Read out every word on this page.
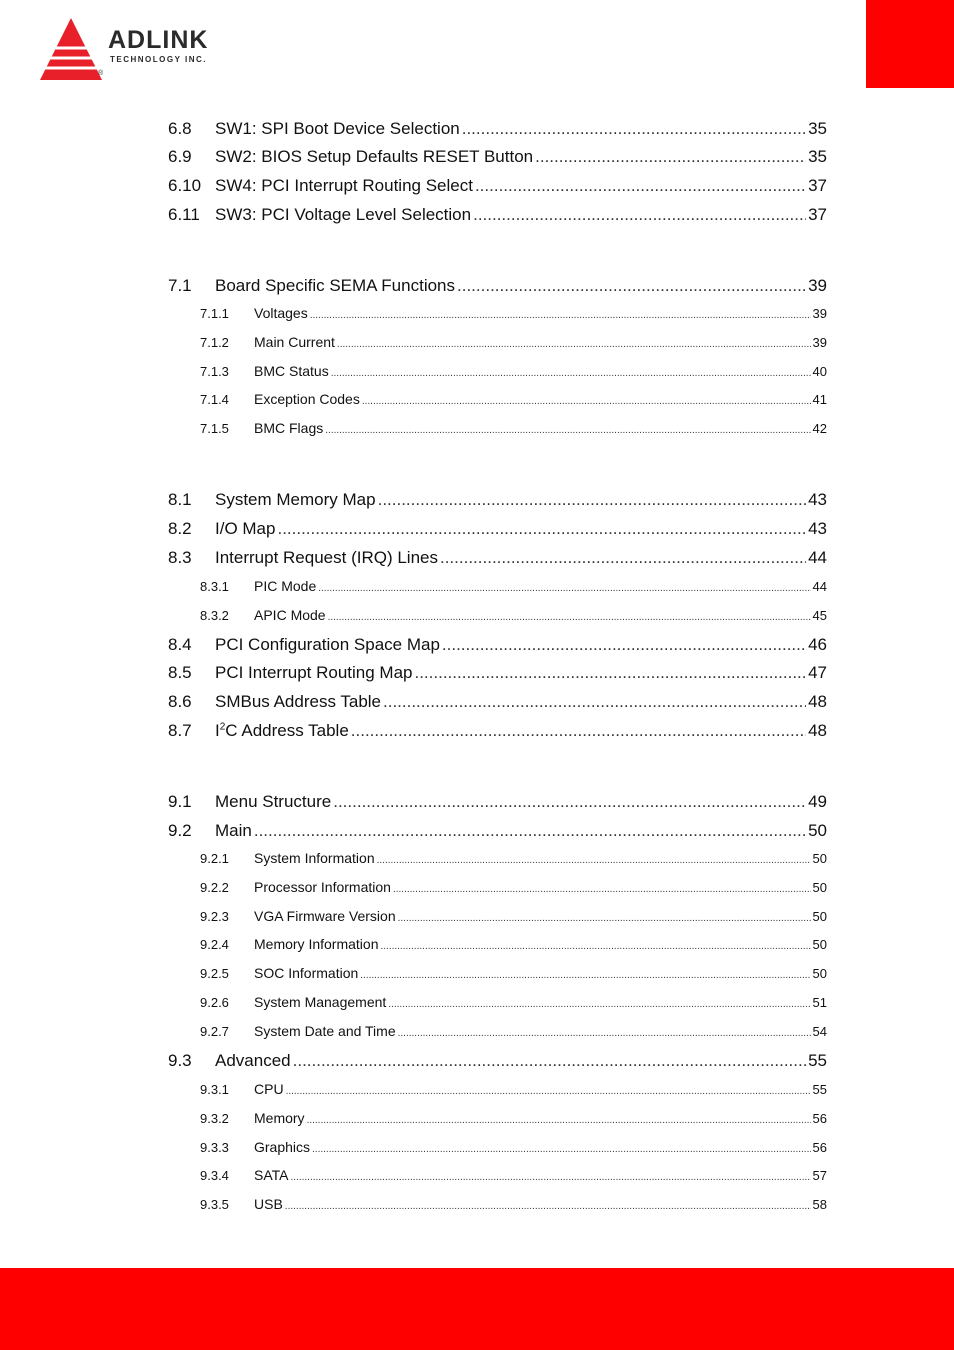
®
ADLINK
TECHNOLOGY INC.
6.8	SW1: SPI Boot Device Selection .....	35
6.9	SW2: BIOS Setup Defaults RESET Button .....	35
6.10 SW4: PCI Interrupt Routing Select .....	37
6.11 SW3: PCI Voltage Level Selection .....	37
7.1	Board Specific SEMA Functions .....	39
7.1.1	Voltages .....	39
7.1.2	Main Current .....	39
7.1.3	BMC Status .....	40
7.1.4	Exception Codes .....	41
7.1.5	BMC Flags .....	42
8.1	System Memory Map .....	43
8.2	I/O Map .....	43
8.3	Interrupt Request (IRQ) Lines .....	44
8.3.1	PIC Mode .....	44
8.3.2	APIC Mode .....	45
8.4	PCI Configuration Space Map .....	46
8.5	PCI Interrupt Routing Map .....	47
8.6	SMBus Address Table .....	48
8.7	$I^2C$ Address Table .....	48
9.1	Menu Structure .....	49
9.2	Main .....	50
9.2.1	System Information .....	50
9.2.2	Processor Information .....	50
9.2.3	VGA Firmware Version .....	50
9.2.4	Memory Information .....	50
9.2.5	SOC Information .....	50
9.2.6	System Management .....	51
9.2.7	System Date and Time .....	54
9.3	Advanced .....	55
9.3.1	CPU .....	55
9.3.2	Memory .....	56
9.3.3	Graphics .....	56
9.3.4	SATA .....	57
9.3.5	USB .....	58
